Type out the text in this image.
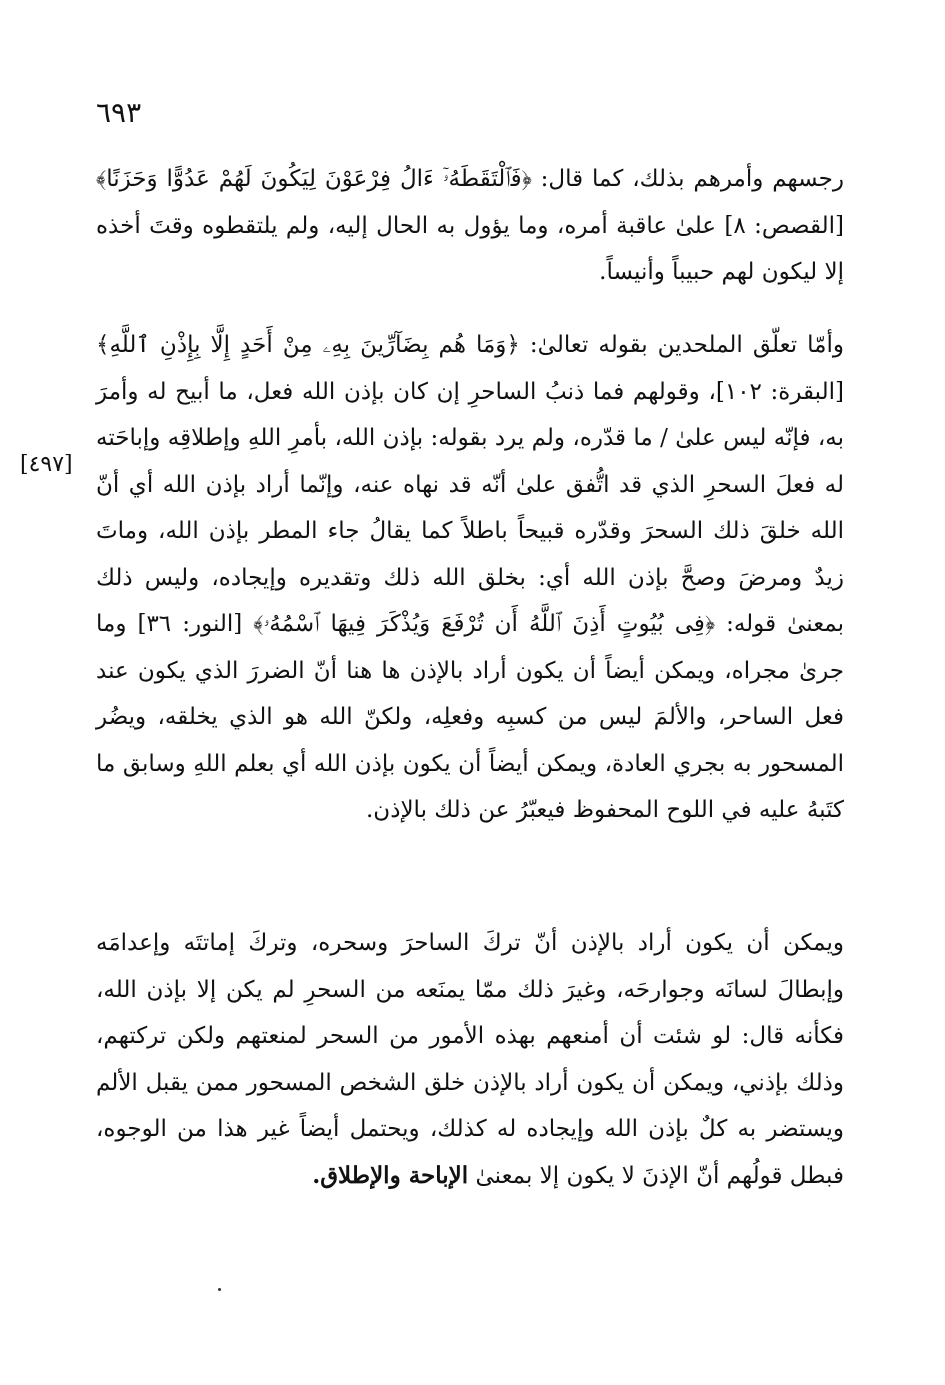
٦٩٣
[٤٩٧]

رجسهم وأمرهم بذلك، كما قال: ﴿فَٱلْتَقَطَهُۥٓ ءَالُ فِرْعَوْنَ لِيَكُونَ لَهُمْ عَدُوًّا وَحَزَنًا﴾ [القصص: ٨] علىٰ عاقبة أمره، وما يؤول به الحال إليه، ولم يلتقطوه وقتَ أخذه إلا ليكون لهم حبيباً وأنيساً.

وأمّا تعلّق الملحدين بقوله تعالىٰ: ﴿وَمَا هُم بِضَآرِّينَ بِهِۦ مِنْ أَحَدٍ إِلَّا بِإِذْنِ ٱللَّهِ﴾ [البقرة: ١٠٢]، وقولهم فما ذنبُ الساحرِ إن كان بإذن الله فعل، ما أبيح له وأمرَ به، فإنّه ليس علىٰ / ما قدّره، ولم يرد بقوله: بإذن الله، بأمرِ اللهِ وإطلاقِه وإباحَته له فعلَ السحرِ الذي قد اتُّفق علىٰ أنّه قد نهاه عنه، وإنّما أراد بإذن الله أي أنّ الله خلقَ ذلك السحرَ وقدّره قبيحاً باطلاً كما يقالُ جاء المطر بإذن الله، وماتَ زيدٌ ومرضَ وصحَّ بإذن الله أي: بخلق الله ذلك وتقديره وإيجاده، وليس ذلك بمعنىٰ قوله: ﴿فِى بُيُوتٍ أَذِنَ ٱللَّهُ أَن تُرْفَعَ وَيُذْكَرَ فِيهَا ٱسْمُهُۥ﴾ [النور: ٣٦] وما جرىٰ مجراه، ويمكن أيضاً أن يكون أراد بالإذن ها هنا أنّ الضررَ الذي يكون عند فعل الساحر، والألمَ ليس من كسبِه وفعلِه، ولكنّ الله هو الذي يخلقه، ويضُر المسحور به بجري العادة، ويمكن أيضاً أن يكون بإذن الله أي بعلم اللهِ وسابق ما كتَبهُ عليه في اللوح المحفوظ فيعبّرُ عن ذلك بالإذن.

ويمكن أن يكون أراد بالإذن أنّ تركَ الساحرَ وسحره، وتركَ إماتتَه وإعدامَه وإبطالَ لسانَه وجوارحَه، وغيرَ ذلك ممّا يمنَعه من السحرِ لم يكن إلا بإذن الله، فكأنه قال: لو شئت أن أمنعهم بهذه الأمور من السحر لمنعتهم ولكن تركتهم، وذلك بإذني، ويمكن أن يكون أراد بالإذن خلق الشخص المسحور ممن يقبل الألم ويستضر به كلٌ بإذن الله وإيجاده له كذلك، ويحتمل أيضاً غير هذا من الوجوه، فبطل قولُهم أنّ الإذنَ لا يكون إلا بمعنىٰ الإباحة والإطلاق.
